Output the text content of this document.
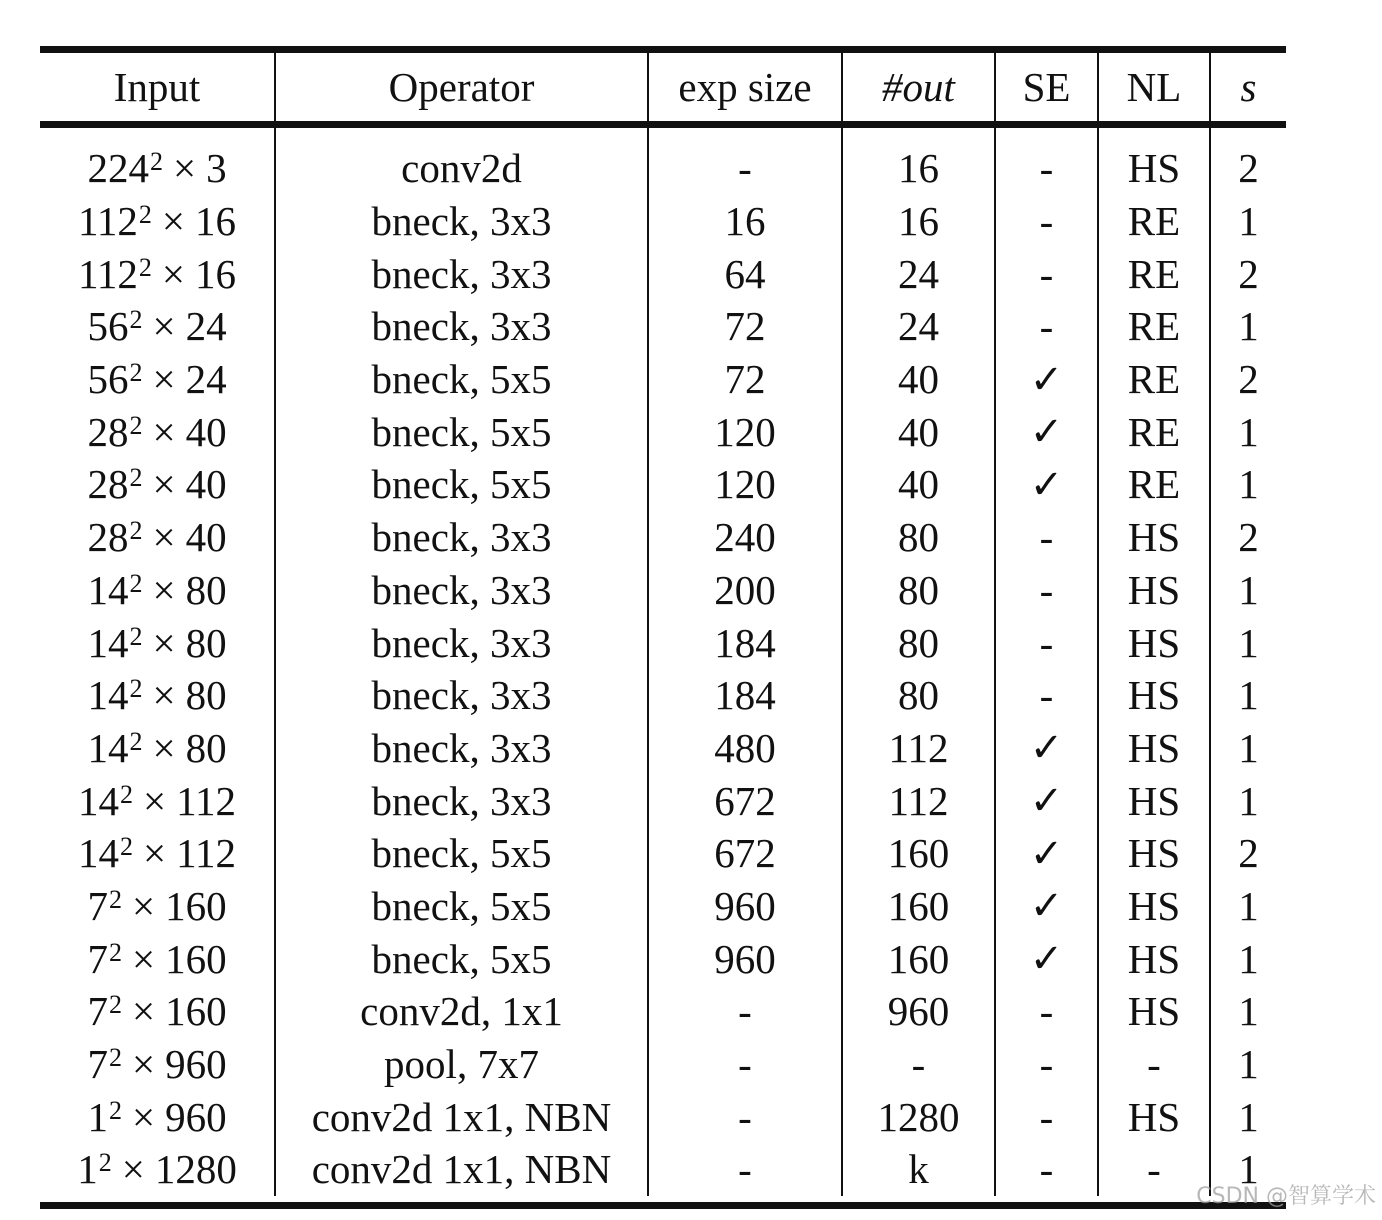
Input	Operator	exp size	#out	SE	NL	s
$224^2 \times 3$	conv2d	-	16	-	HS	2
$112^2 \times 16$	bneck, 3x3	16	16	-	RE	1
$112^2 \times 16$	bneck, 3x3	64	24	-	RE	2
$56^2 \times 24$	bneck, 3x3	72	24	-	RE	1
$56^2 \times 24$	bneck, 5x5	72	40	✓	RE	2
$28^2 \times 40$	bneck, 5x5	120	40	✓	RE	1
$28^2 \times 40$	bneck, 5x5	120	40	✓	RE	1
$28^2 \times 40$	bneck, 3x3	240	80	-	HS	2
$14^2 \times 80$	bneck, 3x3	200	80	-	HS	1
$14^2 \times 80$	bneck, 3x3	184	80	-	HS	1
$14^2 \times 80$	bneck, 3x3	184	80	-	HS	1
$14^2 \times 80$	bneck, 3x3	480	112	✓	HS	1
$14^2 \times 112$	bneck, 3x3	672	112	✓	HS	1
$14^2 \times 112$	bneck, 5x5	672	160	✓	HS	2
$7^2 \times 160$	bneck, 5x5	960	160	✓	HS	1
$7^2 \times 160$	bneck, 5x5	960	160	✓	HS	1
$7^2 \times 160$	conv2d, 1x1	-	960	-	HS	1
$7^2 \times 960$	pool, 7x7	-	-	-	-	1
$1^2 \times 960$	conv2d 1x1, NBN	-	1280	-	HS	1
$1^2 \times 1280$	conv2d 1x1, NBN	-	k	-	-	1
CSDN @智算学术
